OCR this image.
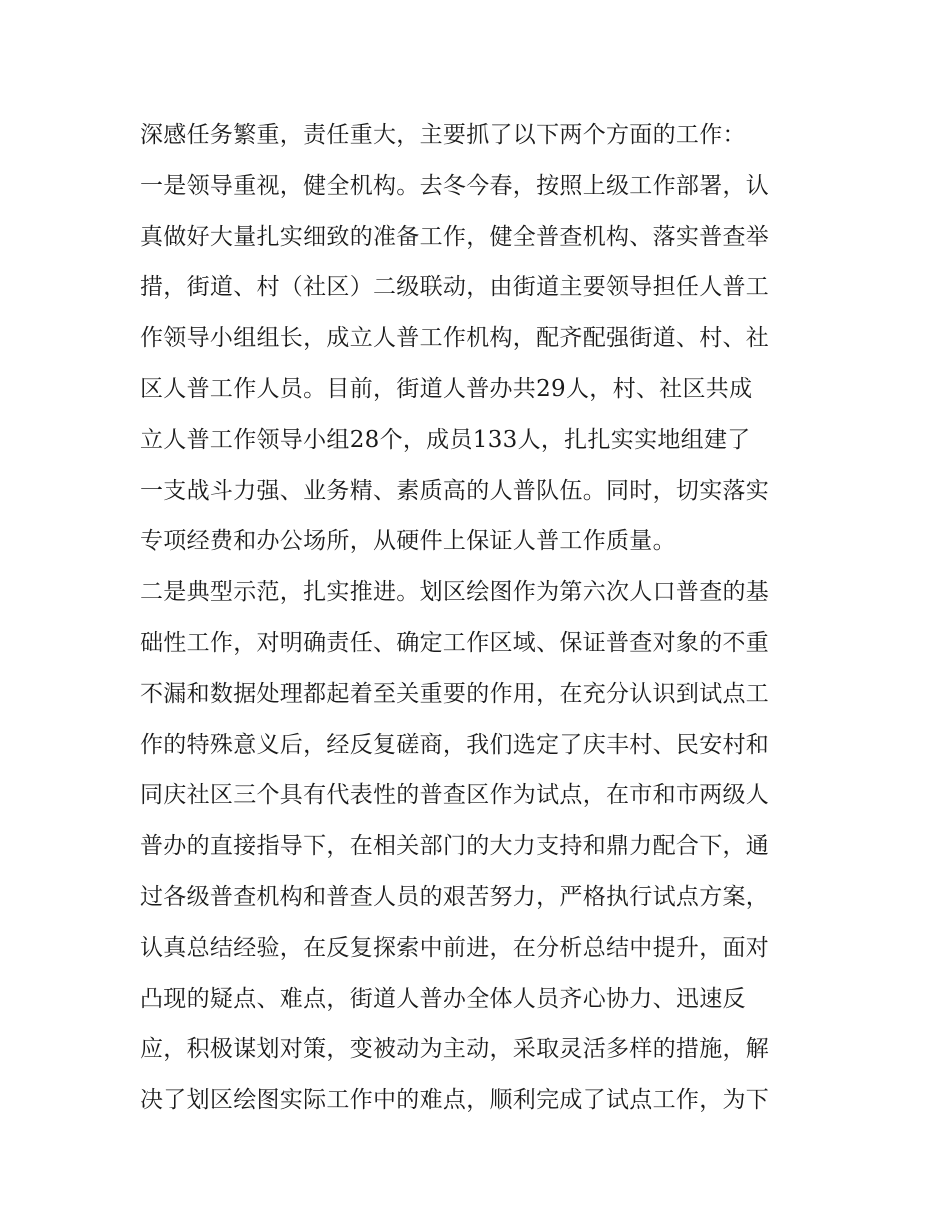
深感任务繁重，责任重大，主要抓了以下两个方面的工作：
一是领导重视，健全机构。去冬今春，按照上级工作部署，认
真做好大量扎实细致的准备工作，健全普查机构、落实普查举
措，街道、村（社区）二级联动，由街道主要领导担任人普工
作领导小组组长，成立人普工作机构，配齐配强街道、村、社
区人普工作人员。目前，街道人普办共29人，村、社区共成
立人普工作领导小组28个，成员133人，扎扎实实地组建了
一支战斗力强、业务精、素质高的人普队伍。同时，切实落实
专项经费和办公场所，从硬件上保证人普工作质量。
二是典型示范，扎实推进。划区绘图作为第六次人口普查的基
础性工作，对明确责任、确定工作区域、保证普查对象的不重
不漏和数据处理都起着至关重要的作用，在充分认识到试点工
作的特殊意义后，经反复磋商，我们选定了庆丰村、民安村和
同庆社区三个具有代表性的普查区作为试点，在市和市两级人
普办的直接指导下，在相关部门的大力支持和鼎力配合下，通
过各级普查机构和普查人员的艰苦努力，严格执行试点方案，
认真总结经验，在反复探索中前进，在分析总结中提升，面对
凸现的疑点、难点，街道人普办全体人员齐心协力、迅速反
应，积极谋划对策，变被动为主动，采取灵活多样的措施，解
决了划区绘图实际工作中的难点，顺利完成了试点工作，为下
